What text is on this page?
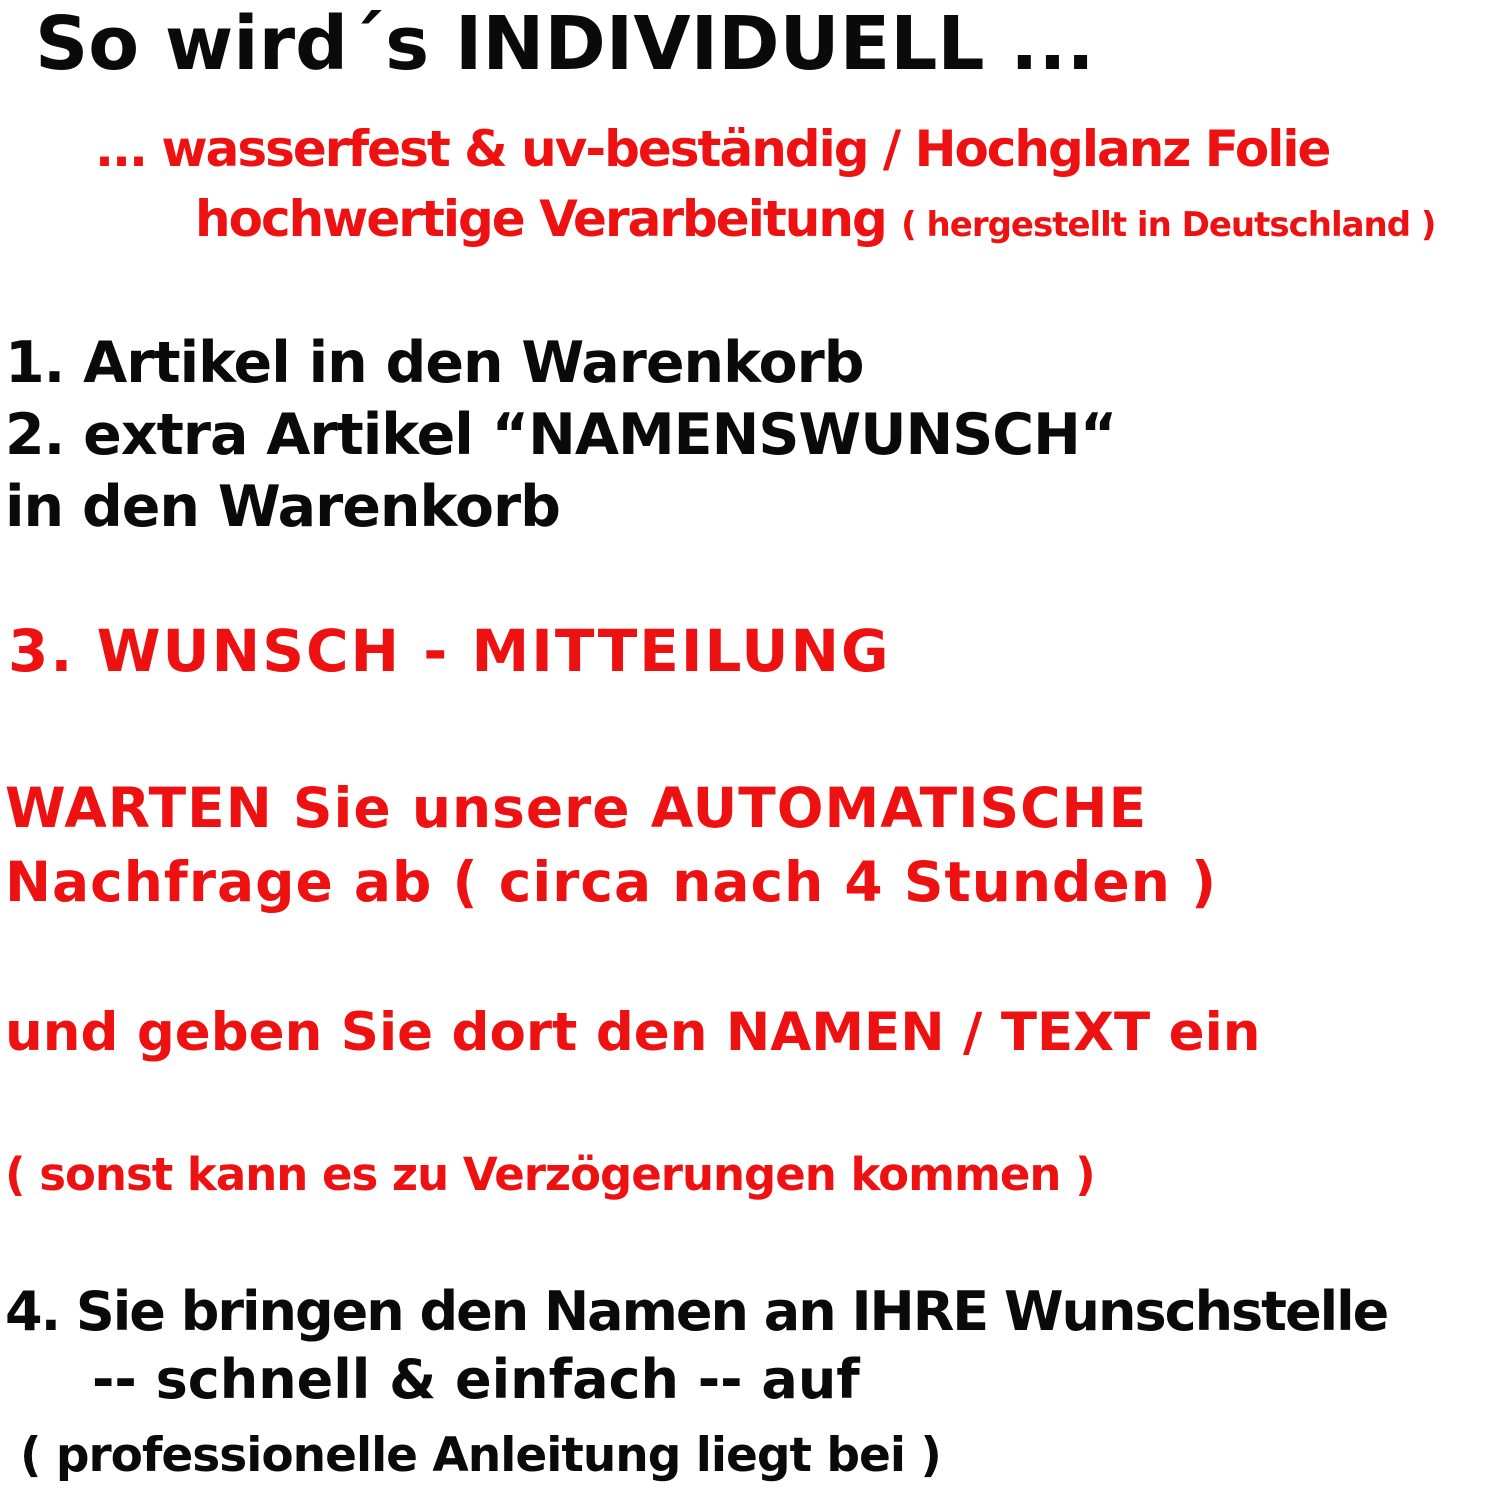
So wird´s INDIVIDUELL ...
... wasserfest & uv-beständig / Hochglanz Folie
hochwertige Verarbeitung ( hergestellt in Deutschland )
1. Artikel in den Warenkorb
2. extra Artikel “NAMENSWUNSCH“
in den Warenkorb
3. WUNSCH - MITTEILUNG
WARTEN Sie unsere AUTOMATISCHE
Nachfrage ab ( circa nach 4 Stunden )
und geben Sie dort den NAMEN / TEXT ein
( sonst kann es zu Verzögerungen kommen )
4. Sie bringen den Namen an IHRE Wunschstelle
-- schnell & einfach -- auf
( professionelle Anleitung liegt bei )
